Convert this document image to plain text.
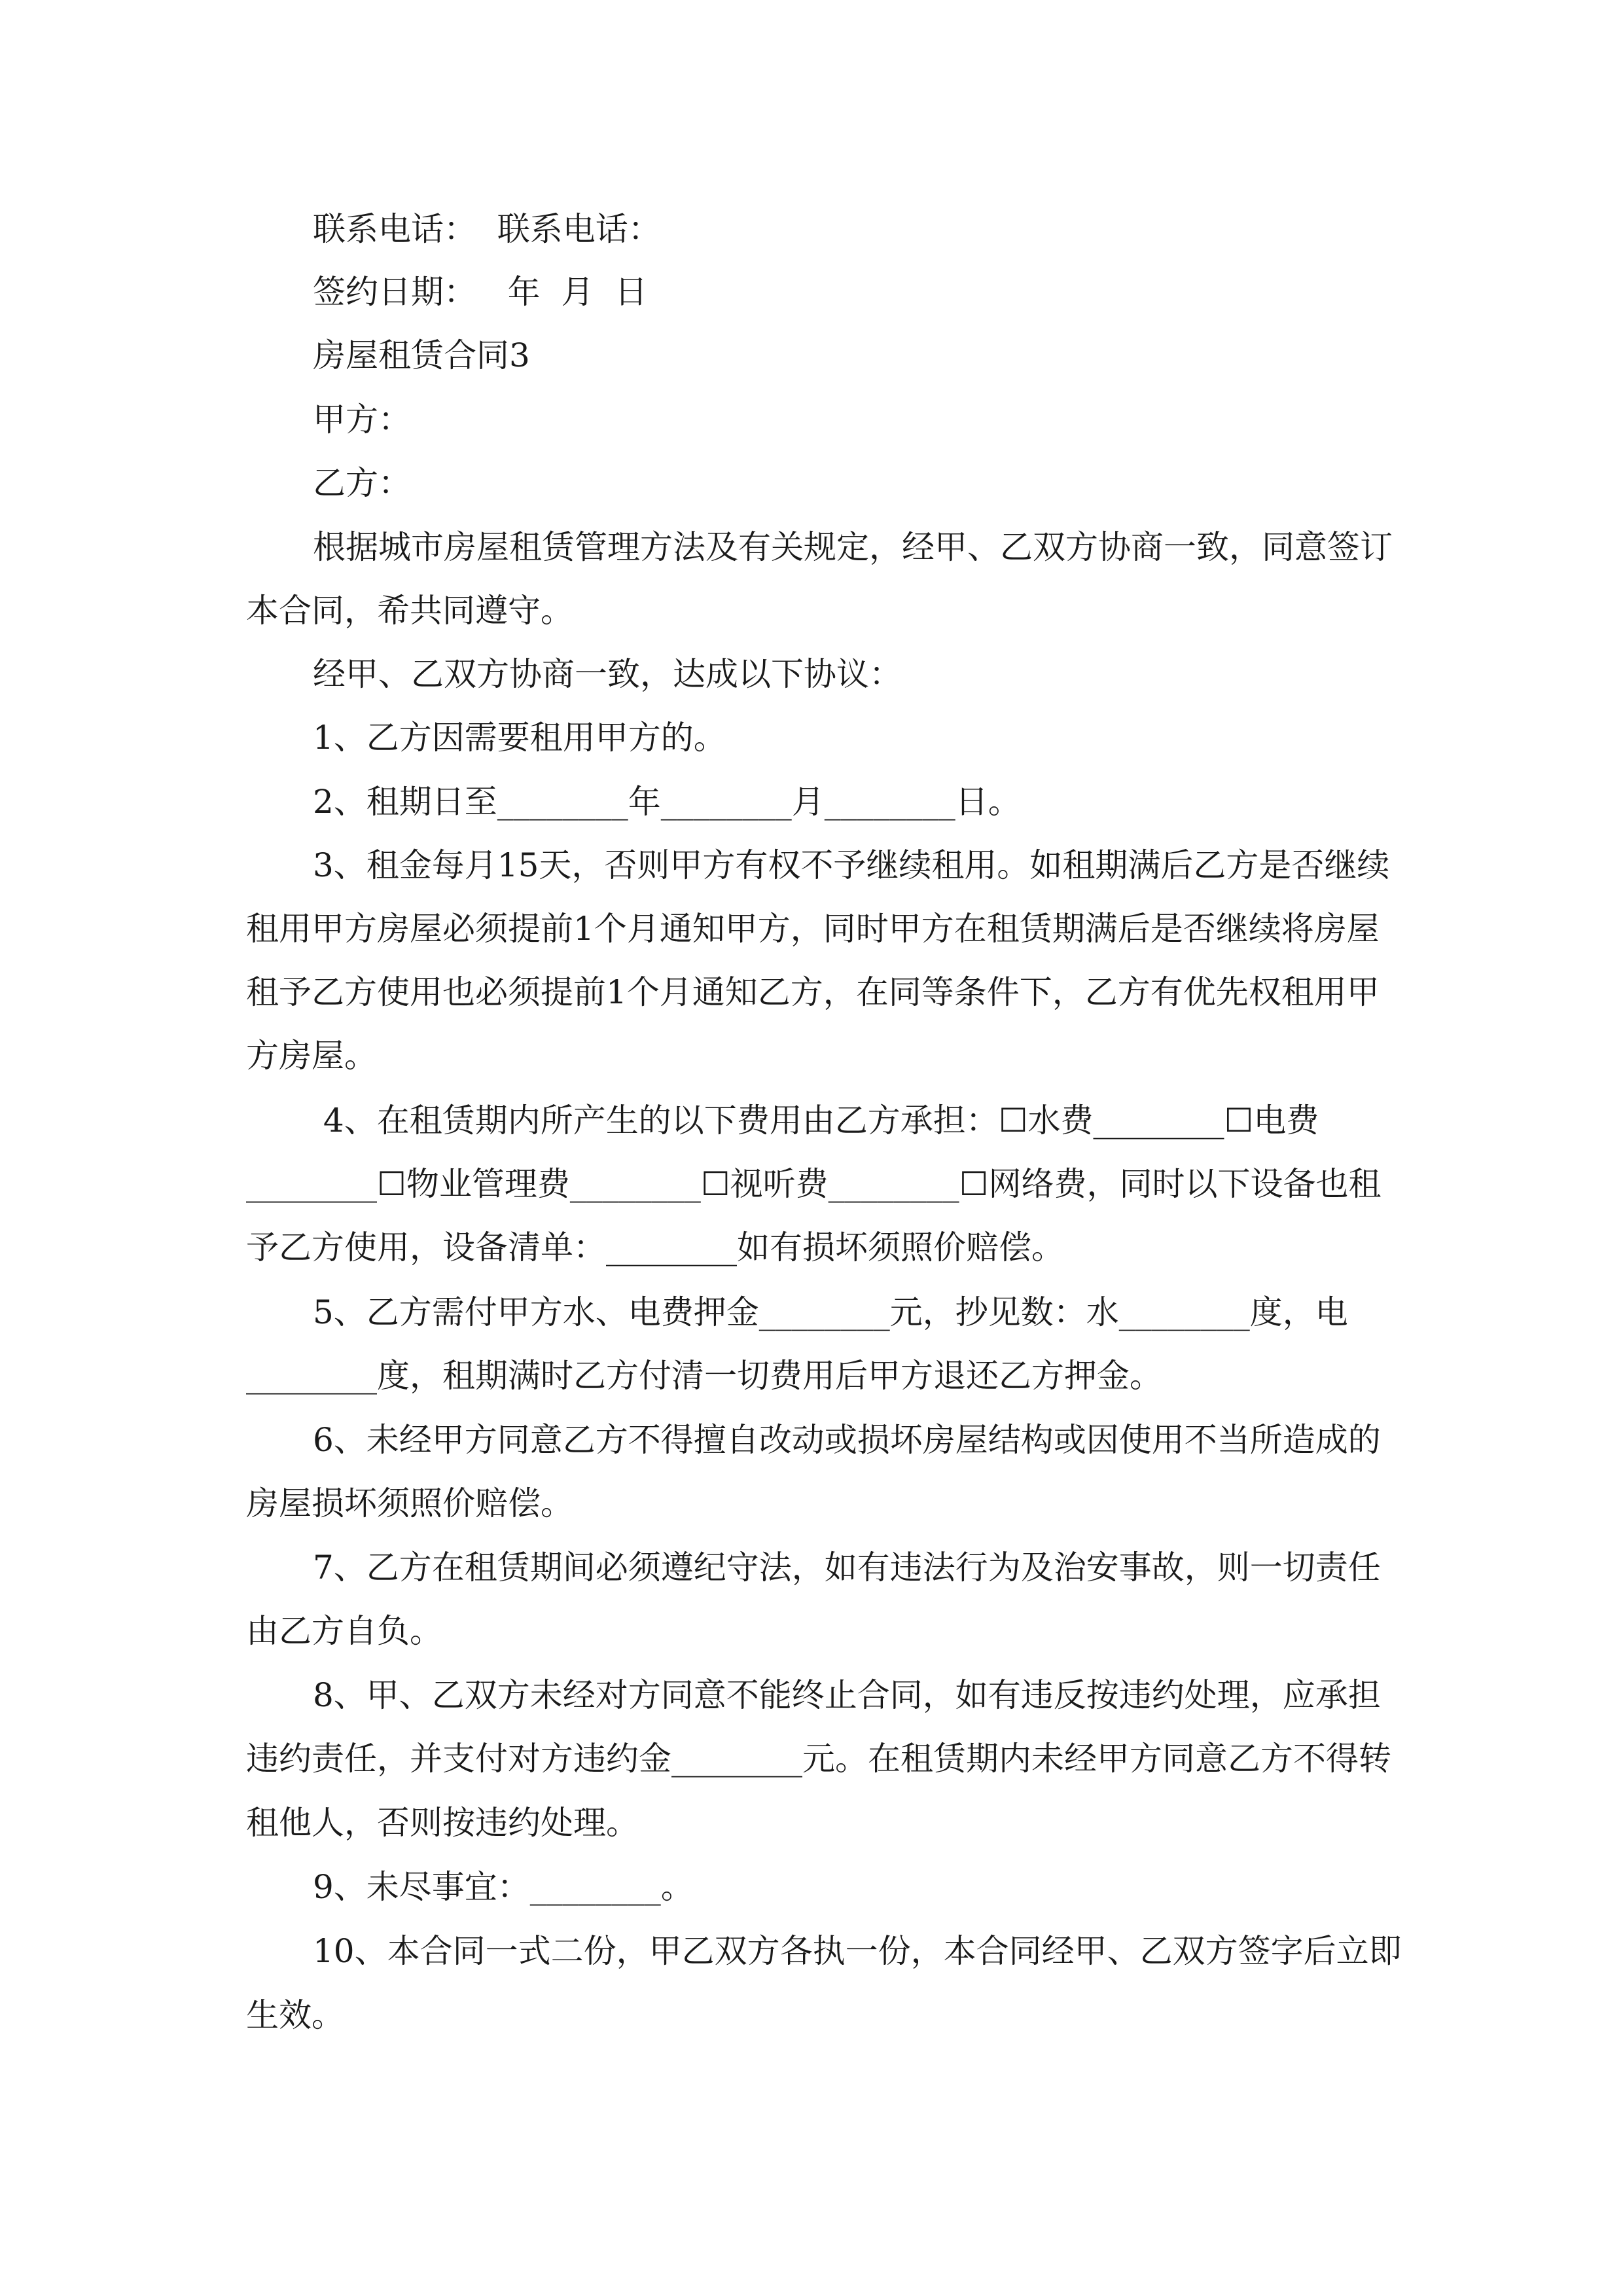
联系电话：  联系电话：
签约日期：   年  月  日
房屋租赁合同3
甲方：
乙方：
根据城市房屋租赁管理方法及有关规定，经甲、乙双方协商一致，同意签订
本合同，希共同遵守。
经甲、乙双方协商一致，达成以下协议：
1、乙方因需要租用甲方的。
2、租期日至________年________月________日。
3、租金每月15天，否则甲方有权不予继续租用。如租期满后乙方是否继续
租用甲方房屋必须提前1个月通知甲方，同时甲方在租赁期满后是否继续将房屋
租予乙方使用也必须提前1个月通知乙方，在同等条件下，乙方有优先权租用甲
方房屋。
4、在租赁期内所产生的以下费用由乙方承担：☐水费________☐电费
________☐物业管理费________☐视听费________☐网络费，同时以下设备也租
予乙方使用，设备清单：________如有损坏须照价赔偿。
5、乙方需付甲方水、电费押金________元，抄见数：水________度，电
________度，租期满时乙方付清一切费用后甲方退还乙方押金。
6、未经甲方同意乙方不得擅自改动或损坏房屋结构或因使用不当所造成的
房屋损坏须照价赔偿。
7、乙方在租赁期间必须遵纪守法，如有违法行为及治安事故，则一切责任
由乙方自负。
8、甲、乙双方未经对方同意不能终止合同，如有违反按违约处理，应承担
违约责任，并支付对方违约金________元。在租赁期内未经甲方同意乙方不得转
租他人，否则按违约处理。
9、未尽事宜：________。
10、本合同一式二份，甲乙双方各执一份，本合同经甲、乙双方签字后立即
生效。
